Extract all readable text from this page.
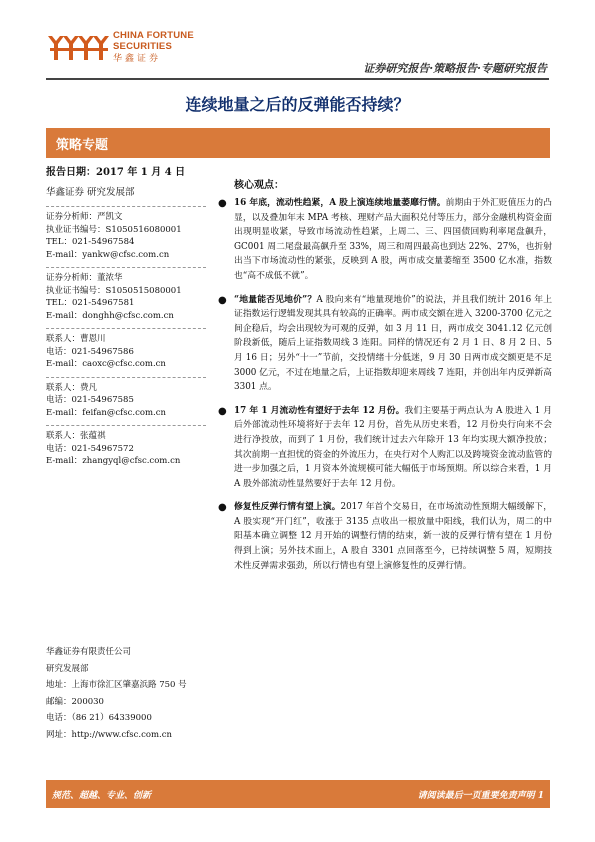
CHINA FORTUNE
SECURITIES
华鑫证券
证券研究报告·策略报告·专题研究报告
连续地量之后的反弹能否持续？
策略专题
报告日期：2017 年 1 月 4 日
华鑫证券 研究发展部
证券分析师：严凯文
执业证书编号：S1050516080001
TEL：021-54967584
E-mail：yankw@cfsc.com.cn
证券分析师：董浓华
执业证书编号：S1050515080001
TEL：021-54967581
E-mail：donghh@cfsc.com.cn
联系人：曹恩川
电话：021-54967586
E-mail：caoxc@cfsc.com.cn
联系人：费凡
电话：021-54967585
E-mail：feifan@cfsc.com.cn
联系人：张蕴祺
电话：021-54967572
E-mail：zhangyql@cfsc.com.cn
华鑫证券有限责任公司
研究发展部
地址：上海市徐汇区肇嘉浜路 750 号
邮编：200030
电话：（86 21）64339000
网址：http://www.cfsc.com.cn
核心观点：
● 16 年底，流动性趋紧，A 股上演连续地量萎靡行情。前期由于外汇贬值压力的凸显，以及叠加年末 MPA 考核、理财产品大面积兑付等压力，部分金融机构资金面出现明显收紧，导致市场流动性趋紧，上周二、三、四国债回购利率尾盘飙升，GC001 周二尾盘最高飙升至 33%，周三和周四最高也到达 22%、27%，也折射出当下市场流动性的紧张，反映到 A 股，两市成交量萎缩至 3500 亿水准，指数也“高不成低不就”。
● “地量能否见地价”？A 股向来有“地量现地价”的说法，并且我们统计 2016 年上证指数运行逻辑发现其具有较高的正确率。两市成交额在进入 3200-3700 亿元之间企稳后，均会出现较为可观的反弹，如 3 月 11 日，两市成交 3041.12 亿元创阶段新低，随后上证指数周线 3 连阳。同样的情况还有 2 月 1 日、8 月 2 日、5 月 16 日；另外“十一”节前，交投情绪十分低迷，9 月 30 日两市成交额更是不足 3000 亿元，不过在地量之后，上证指数却迎来周线 7 连阳，并创出年内反弹新高 3301 点。
● 17 年 1 月流动性有望好于去年 12 月份。我们主要基于两点认为 A 股进入 1 月后外部流动性环境将好于去年 12 月份，首先从历史来看，12 月份央行向来不会进行净投放，而到了 1 月份，我们统计过去六年除开 13 年均实现大额净投放；其次前期一直担忧的资金的外流压力，在央行对个人购汇以及跨境资金流动监管的进一步加强之后，1 月资本外流规模可能大幅低于市场预期。所以综合来看，1 月 A 股外部流动性显然要好于去年 12 月份。
● 修复性反弹行情有望上演。2017 年首个交易日，在市场流动性预期大幅缓解下，A 股实现“开门红”，收涨于 3135 点收出一根放量中阳线，我们认为，周二的中阳基本确立调整 12 月开始的调整行情的结束，新一波的反弹行情有望在 1 月份得到上演；另外技术面上，A 股自 3301 点回落至今，已持续调整 5 周，短期技术性反弹需求强劲，所以行情也有望上演修复性的反弹行情。
规范、超越、专业、创新	请阅读最后一页重要免责声明 1
